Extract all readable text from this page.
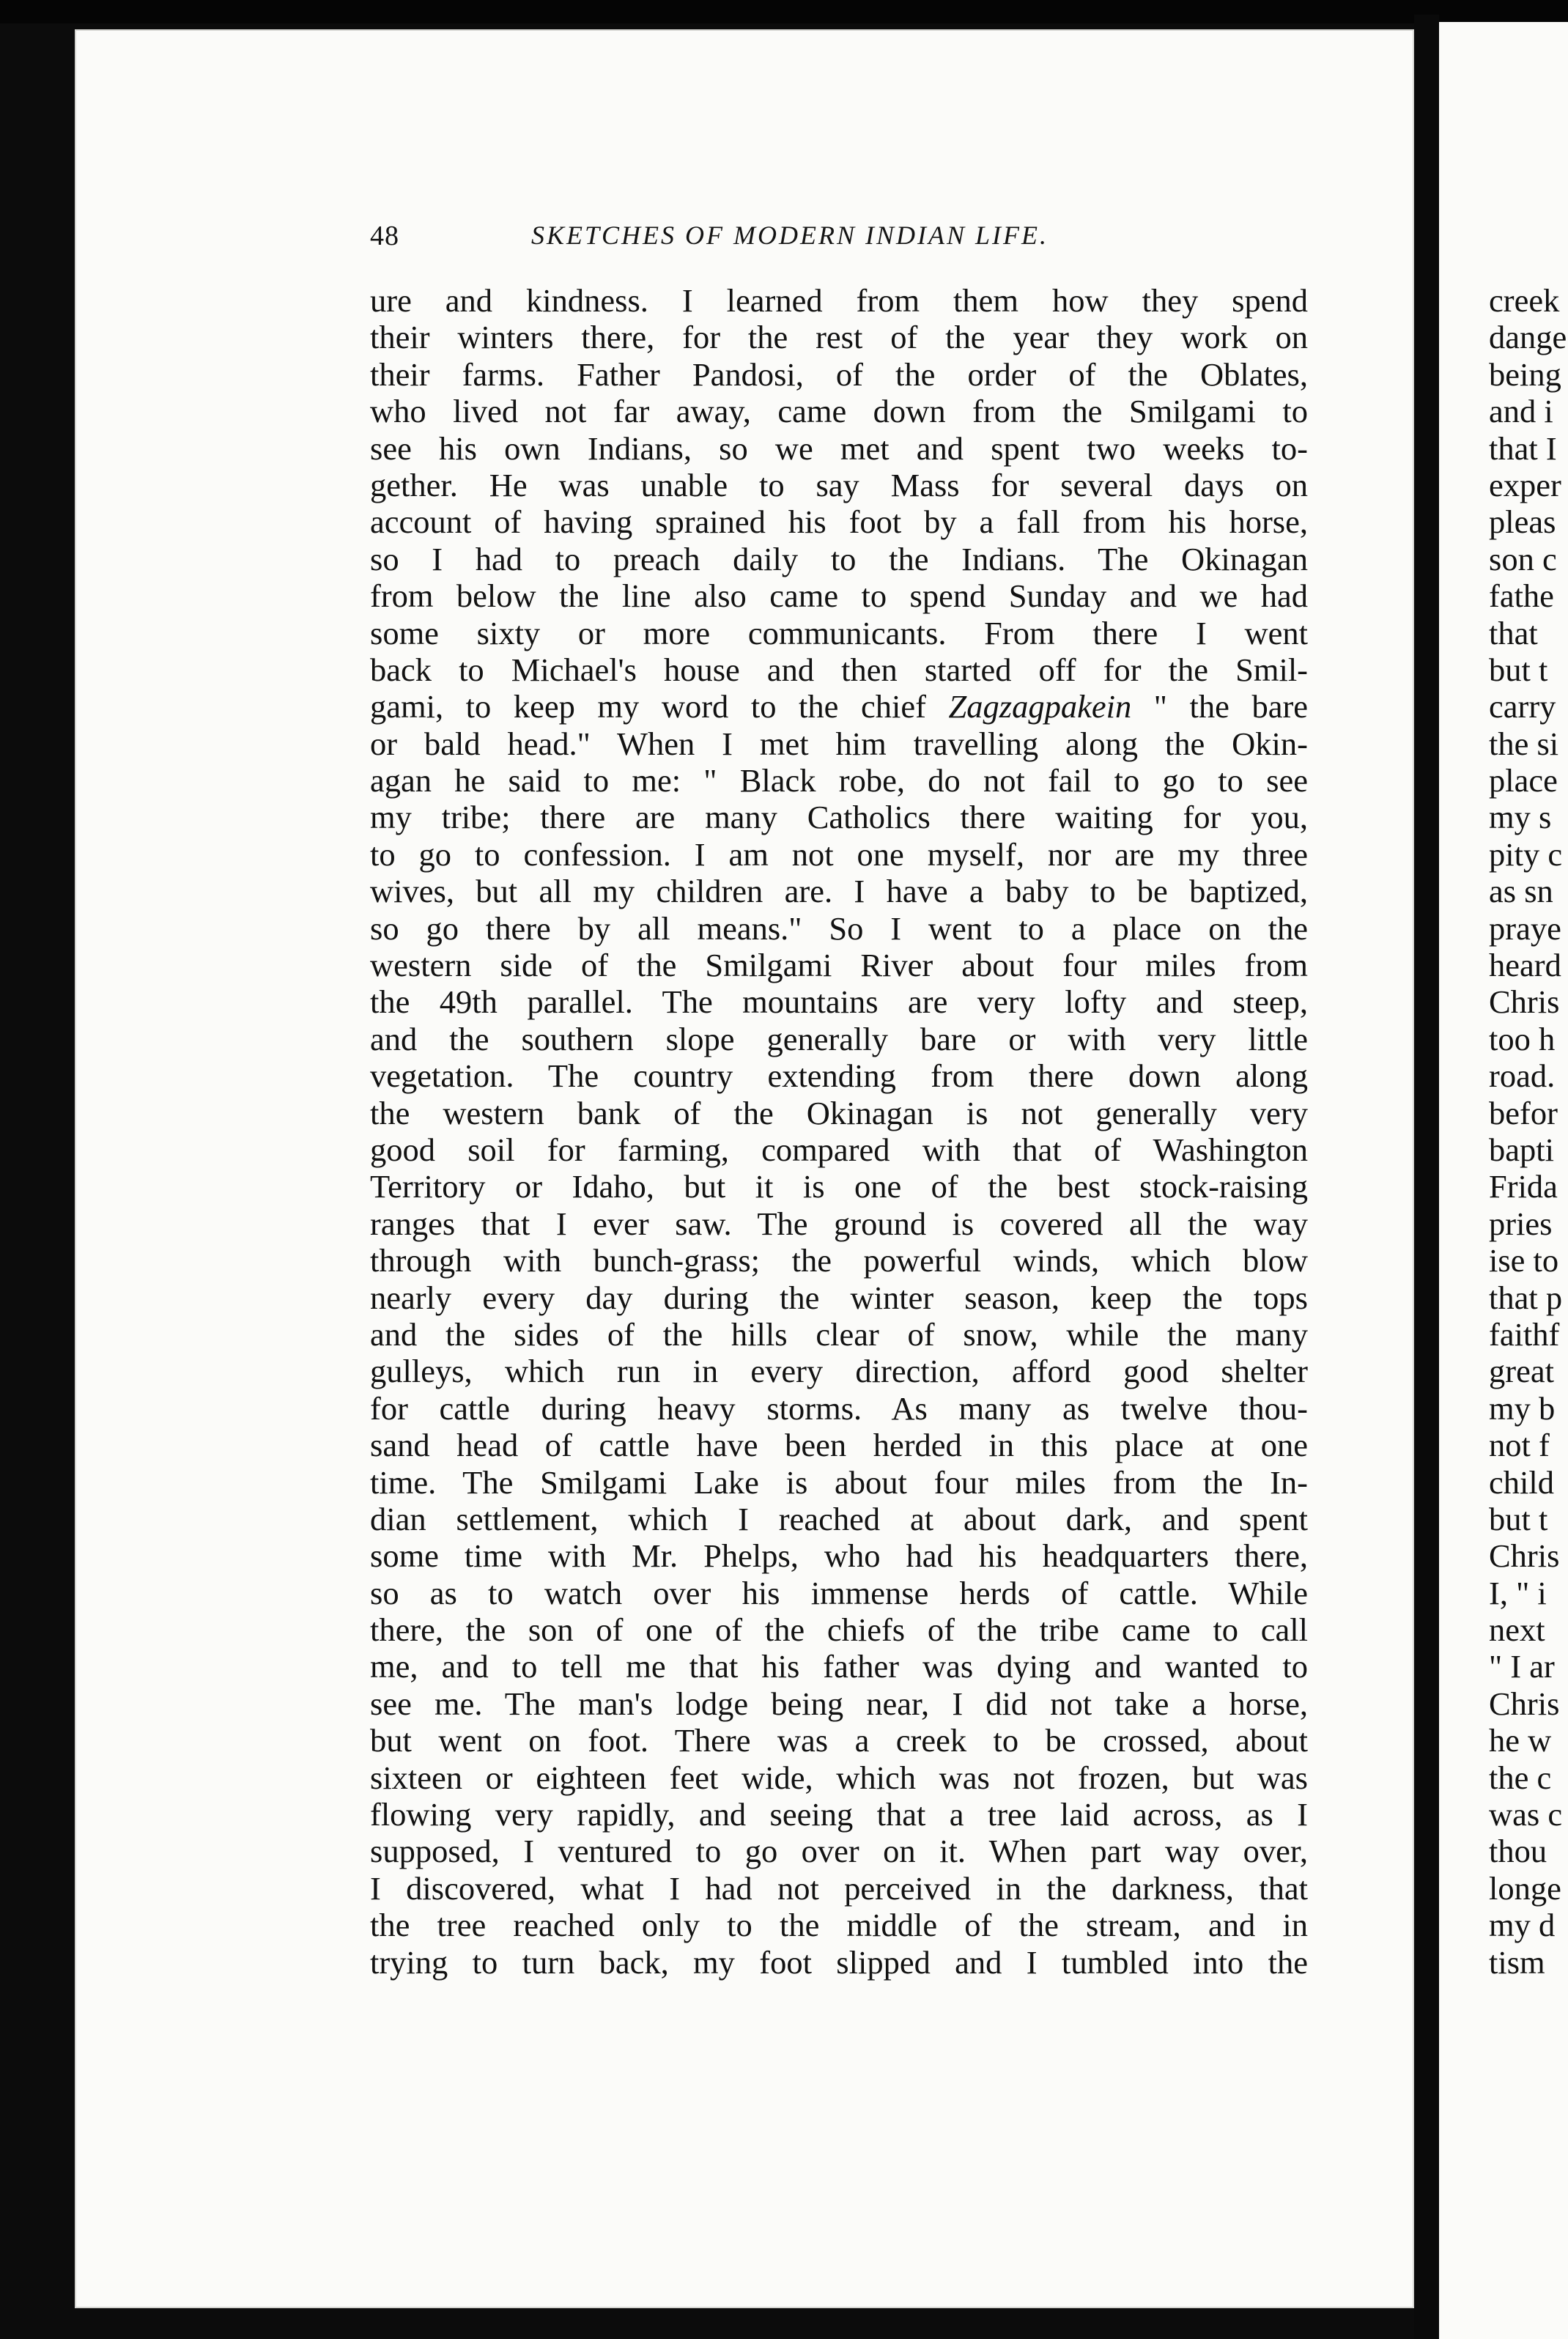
creek
dange
being
and i
that I
exper
pleas
son c
fathe
that
but t
carry
the si
place
my s
pity c
as sn
praye
heard
Chris
too h
road.
befor
bapti
Frida
pries
ise to
that p
faithf
great
my b
not f
child
but t
Chris
I, " i
next
" I ar
Chris
he w
the c
was c
thou
longe
my d
tism
48	SKETCHES OF MODERN INDIAN LIFE.
ure and kindness. I learned from them how they spend
their winters there, for the rest of the year they work on
their farms. Father Pandosi, of the order of the Oblates,
who lived not far away, came down from the Smilgami to
see his own Indians, so we met and spent two weeks to-
gether. He was unable to say Mass for several days on
account of having sprained his foot by a fall from his horse,
so I had to preach daily to the Indians. The Okinagan
from below the line also came to spend Sunday and we had
some sixty or more communicants. From there I went
back to Michael's house and then started off for the Smil-
gami, to keep my word to the chief Zagzagpakein " the bare
or bald head." When I met him travelling along the Okin-
agan he said to me: " Black robe, do not fail to go to see
my tribe; there are many Catholics there waiting for you,
to go to confession. I am not one myself, nor are my three
wives, but all my children are. I have a baby to be baptized,
so go there by all means." So I went to a place on the
western side of the Smilgami River about four miles from
the 49th parallel. The mountains are very lofty and steep,
and the southern slope generally bare or with very little
vegetation. The country extending from there down along
the western bank of the Okinagan is not generally very
good soil for farming, compared with that of Washington
Territory or Idaho, but it is one of the best stock-raising
ranges that I ever saw. The ground is covered all the way
through with bunch-grass; the powerful winds, which blow
nearly every day during the winter season, keep the tops
and the sides of the hills clear of snow, while the many
gulleys, which run in every direction, afford good shelter
for cattle during heavy storms. As many as twelve thou-
sand head of cattle have been herded in this place at one
time. The Smilgami Lake is about four miles from the In-
dian settlement, which I reached at about dark, and spent
some time with Mr. Phelps, who had his headquarters there,
so as to watch over his immense herds of cattle. While
there, the son of one of the chiefs of the tribe came to call
me, and to tell me that his father was dying and wanted to
see me. The man's lodge being near, I did not take a horse,
but went on foot. There was a creek to be crossed, about
sixteen or eighteen feet wide, which was not frozen, but was
flowing very rapidly, and seeing that a tree laid across, as I
supposed, I ventured to go over on it. When part way over,
I discovered, what I had not perceived in the darkness, that
the tree reached only to the middle of the stream, and in
trying to turn back, my foot slipped and I tumbled into the
